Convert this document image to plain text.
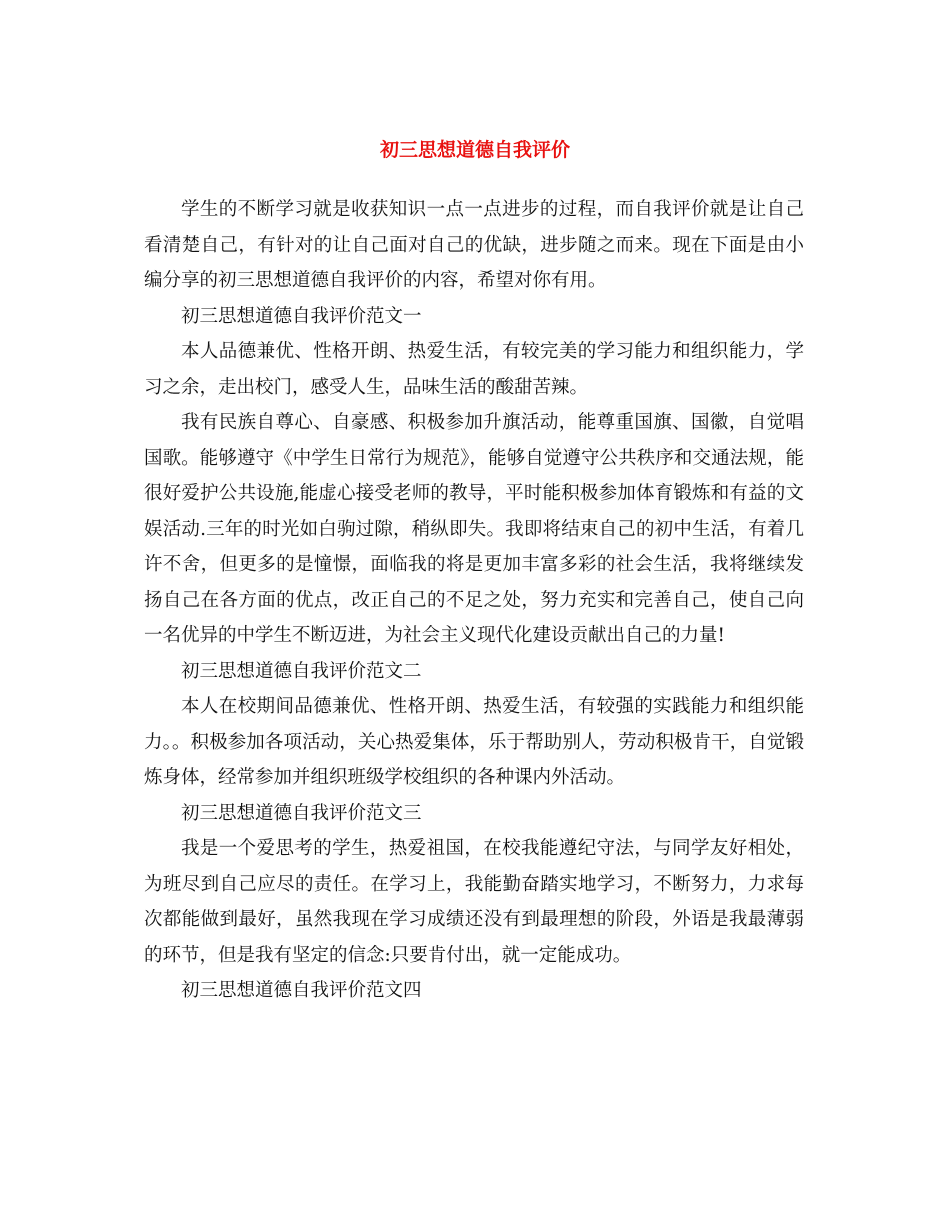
初三思想道德自我评价

学生的不断学习就是收获知识一点一点进步的过程，而自我评价就是让自己看清楚自己，有针对的让自己面对自己的优缺，进步随之而来。现在下面是由小编分享的初三思想道德自我评价的内容，希望对你有用。

初三思想道德自我评价范文一

本人品德兼优、性格开朗、热爱生活，有较完美的学习能力和组织能力，学习之余，走出校门，感受人生，品味生活的酸甜苦辣。

我有民族自尊心、自豪感、积极参加升旗活动，能尊重国旗、国徽，自觉唱国歌。能够遵守《中学生日常行为规范》，能够自觉遵守公共秩序和交通法规，能很好爱护公共设施,能虚心接受老师的教导，平时能积极参加体育锻炼和有益的文娱活动.三年的时光如白驹过隙，稍纵即失。我即将结束自己的初中生活，有着几许不舍，但更多的是憧憬，面临我的将是更加丰富多彩的社会生活，我将继续发扬自己在各方面的优点，改正自己的不足之处，努力充实和完善自己，使自己向一名优异的中学生不断迈进，为社会主义现代化建设贡献出自己的力量!

初三思想道德自我评价范文二

本人在校期间品德兼优、性格开朗、热爱生活，有较强的实践能力和组织能力。。积极参加各项活动，关心热爱集体，乐于帮助别人，劳动积极肯干，自觉锻炼身体，经常参加并组织班级学校组织的各种课内外活动。

初三思想道德自我评价范文三

我是一个爱思考的学生，热爱祖国，在校我能遵纪守法，与同学友好相处，为班尽到自己应尽的责任。在学习上，我能勤奋踏实地学习，不断努力，力求每次都能做到最好，虽然我现在学习成绩还没有到最理想的阶段，外语是我最薄弱的环节，但是我有坚定的信念:只要肯付出，就一定能成功。

初三思想道德自我评价范文四
